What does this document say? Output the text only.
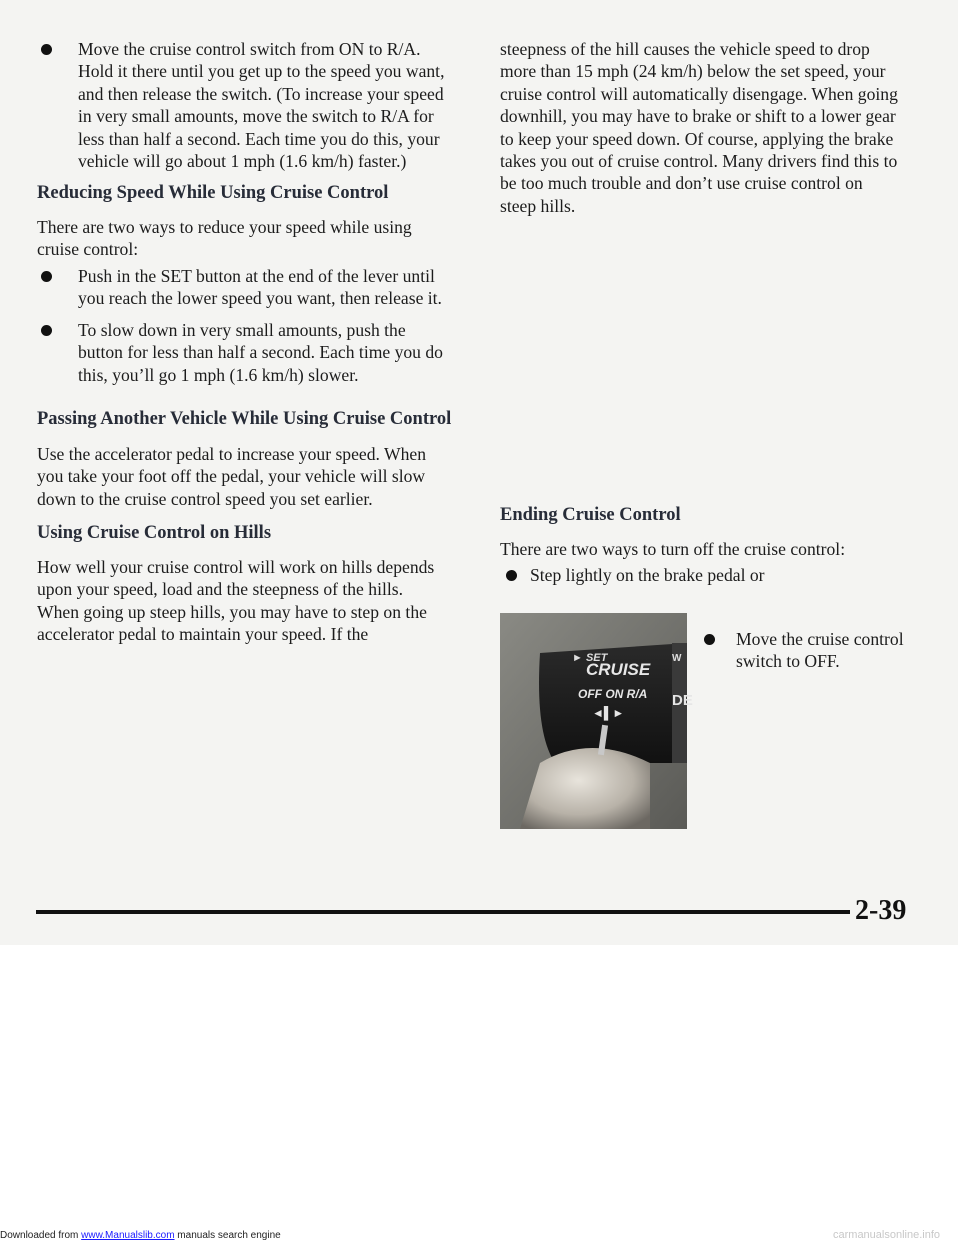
Move the cruise control switch from ON to R/A.
Hold it there until you get up to the speed you want,
and then release the switch. (To increase your speed
in very small amounts, move the switch to R/A for
less than half a second. Each time you do this, your
vehicle will go about 1 mph (1.6 km/h) faster.)
Reducing Speed While Using Cruise Control
There are two ways to reduce your speed while using
cruise control:
Push in the SET button at the end of the lever until
you reach the lower speed you want, then release it.
To slow down in very small amounts, push the
button for less than half a second. Each time you do
this, you’ll go 1 mph (1.6 km/h) slower.
Passing Another Vehicle While Using Cruise Control
Use the accelerator pedal to increase your speed. When
you take your foot off the pedal, your vehicle will slow
down to the cruise control speed you set earlier.
Using Cruise Control on Hills
How well your cruise control will work on hills depends
upon your speed, load and the steepness of the hills.
When going up steep hills, you may have to step on the
accelerator pedal to maintain your speed. If the
steepness of the hill causes the vehicle speed to drop
more than 15 mph (24 km/h) below the set speed, your
cruise control will automatically disengage. When going
downhill, you may have to brake or shift to a lower gear
to keep your speed down. Of course, applying the brake
takes you out of cruise control. Many drivers find this to
be too much trouble and don’t use cruise control on
steep hills.
Ending Cruise Control
There are two ways to turn off the cruise control:
Step lightly on the brake pedal or
Move the cruise control
switch to OFF.
► SET
CRUISE
OFF ON R/A
◄▌►
W
DE
2-39
Downloaded from www.Manualslib.com manuals search engine	carmanualsonline.info
